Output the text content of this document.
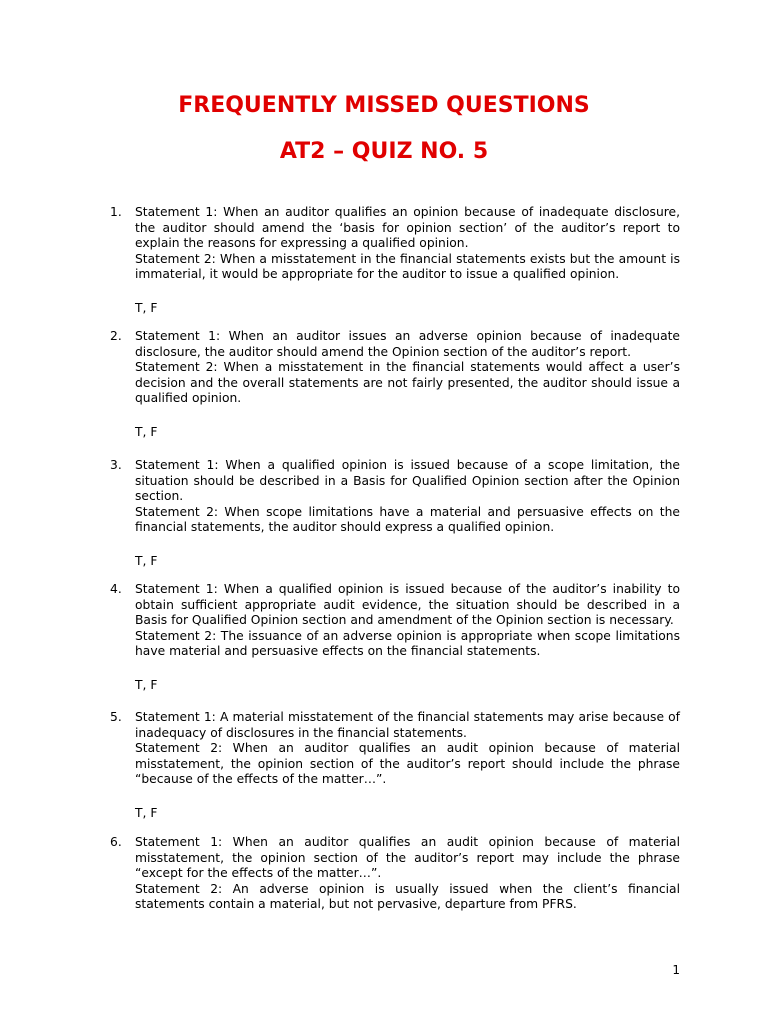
FREQUENTLY MISSED QUESTIONS
AT2 – QUIZ NO. 5
1.	Statement 1: When an auditor qualifies an opinion because of inadequate disclosure, the auditor should amend the ‘basis for opinion section’ of the auditor’s report to explain the reasons for expressing a qualified opinion.
Statement 2: When a misstatement in the financial statements exists but the amount is immaterial, it would be appropriate for the auditor to issue a qualified opinion.
T, F
2.	Statement 1: When an auditor issues an adverse opinion because of inadequate disclosure, the auditor should amend the Opinion section of the auditor’s report.
Statement 2: When a misstatement in the financial statements would affect a user’s decision and the overall statements are not fairly presented, the auditor should issue a qualified opinion.
T, F
3.	Statement 1: When a qualified opinion is issued because of a scope limitation, the situation should be described in a Basis for Qualified Opinion section after the Opinion section.
Statement 2: When scope limitations have a material and persuasive effects on the financial statements, the auditor should express a qualified opinion.
T, F
4.	Statement 1: When a qualified opinion is issued because of the auditor’s inability to obtain sufficient appropriate audit evidence, the situation should be described in a Basis for Qualified Opinion section and amendment of the Opinion section is necessary.
Statement 2: The issuance of an adverse opinion is appropriate when scope limitations have material and persuasive effects on the financial statements.
T, F
5.	Statement 1: A material misstatement of the financial statements may arise because of inadequacy of disclosures in the financial statements.
Statement 2: When an auditor qualifies an audit opinion because of material misstatement, the opinion section of the auditor’s report should include the phrase “because of the effects of the matter…”.
T, F
6.	Statement 1: When an auditor qualifies an audit opinion because of material misstatement, the opinion section of the auditor’s report may include the phrase “except for the effects of the matter…”.
Statement 2: An adverse opinion is usually issued when the client’s financial statements contain a material, but not pervasive, departure from PFRS.
1
